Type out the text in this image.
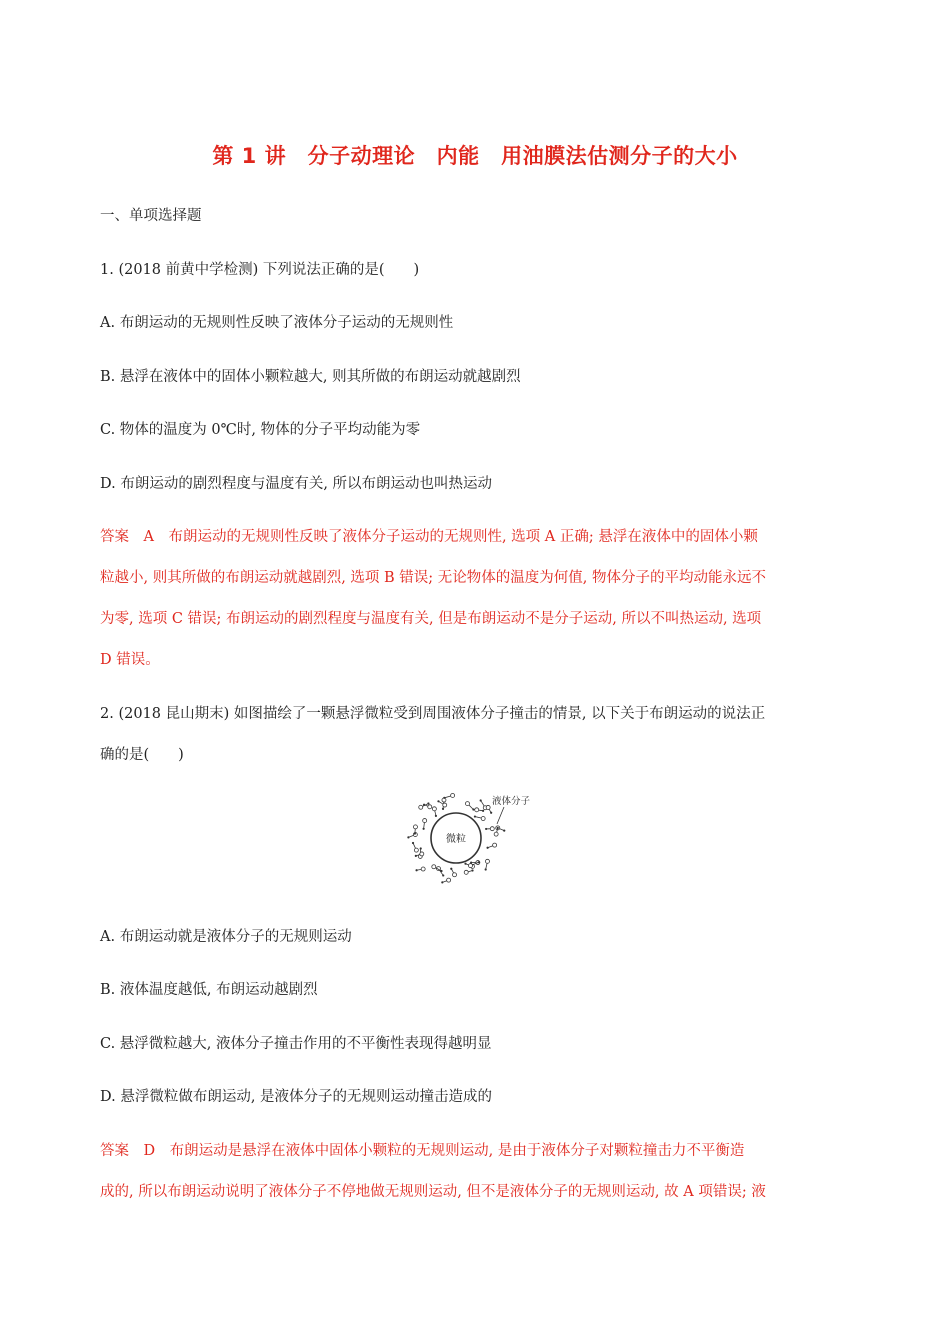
第 1 讲　分子动理论　内能　用油膜法估测分子的大小
一、单项选择题
1. (2018 前黄中学检测) 下列说法正确的是(　　)
A. 布朗运动的无规则性反映了液体分子运动的无规则性
B. 悬浮在液体中的固体小颗粒越大, 则其所做的布朗运动就越剧烈
C. 物体的温度为 0℃时, 物体的分子平均动能为零
D. 布朗运动的剧烈程度与温度有关, 所以布朗运动也叫热运动
答案　A　布朗运动的无规则性反映了液体分子运动的无规则性, 选项 A 正确; 悬浮在液体中的固体小颗
粒越小, 则其所做的布朗运动就越剧烈, 选项 B 错误; 无论物体的温度为何值, 物体分子的平均动能永远不
为零, 选项 C 错误; 布朗运动的剧烈程度与温度有关, 但是布朗运动不是分子运动, 所以不叫热运动, 选项
D 错误。
2. (2018 昆山期末) 如图描绘了一颗悬浮微粒受到周围液体分子撞击的情景, 以下关于布朗运动的说法正
确的是(　　)
微粒
液体分子
A. 布朗运动就是液体分子的无规则运动
B. 液体温度越低, 布朗运动越剧烈
C. 悬浮微粒越大, 液体分子撞击作用的不平衡性表现得越明显
D. 悬浮微粒做布朗运动, 是液体分子的无规则运动撞击造成的
答案　D　布朗运动是悬浮在液体中固体小颗粒的无规则运动, 是由于液体分子对颗粒撞击力不平衡造
成的, 所以布朗运动说明了液体分子不停地做无规则运动, 但不是液体分子的无规则运动, 故 A 项错误; 液
